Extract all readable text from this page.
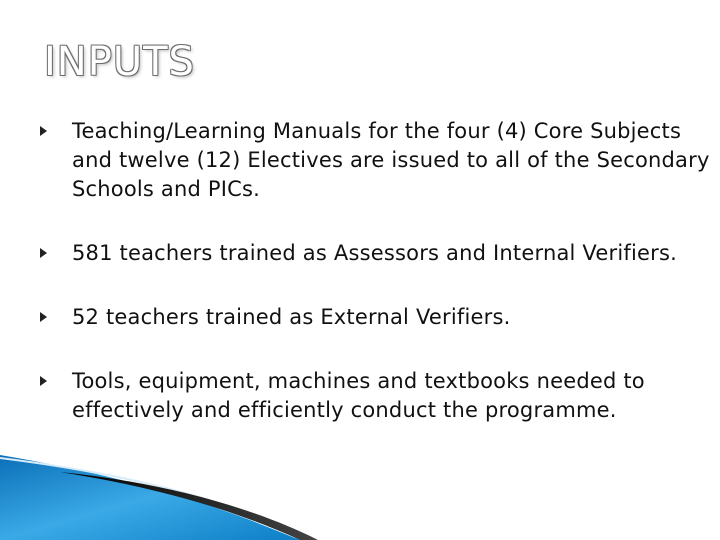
INPUTS
Teaching/Learning Manuals for the four (4) Core Subjects and twelve (12) Electives are issued to all of the Secondary Schools and PICs.
581 teachers trained as Assessors and Internal Verifiers.
52 teachers trained as External Verifiers.
Tools, equipment, machines and textbooks needed to effectively and efficiently conduct the programme.
